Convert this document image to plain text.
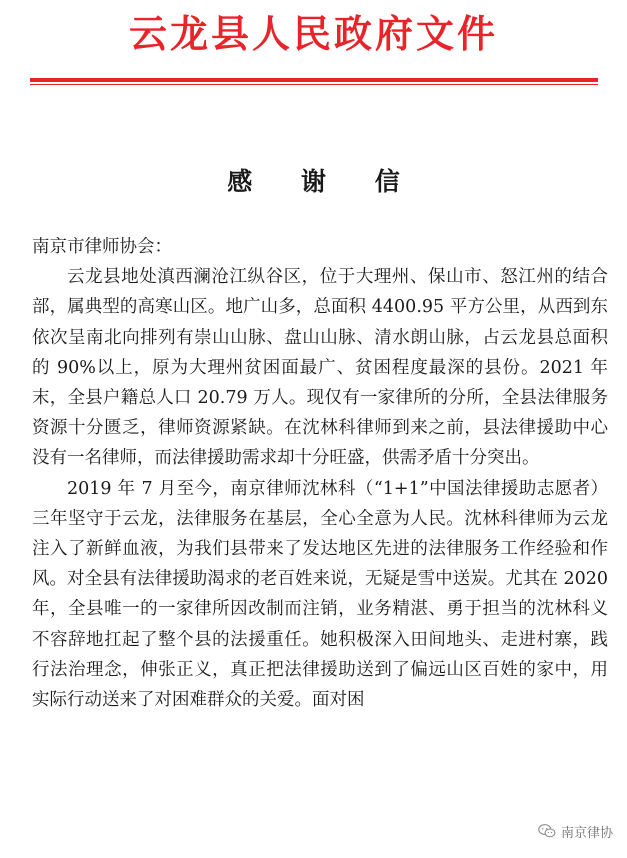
云龙县人民政府文件
感 谢 信

南京市律师协会：

云龙县地处滇西澜沧江纵谷区，位于大理州、保山市、怒江州的结合部，属典型的高寒山区。地广山多，总面积 4400.95 平方公里，从西到东依次呈南北向排列有崇山山脉、盘山山脉、清水朗山脉，占云龙县总面积的 90%以上，原为大理州贫困面最广、贫困程度最深的县份。2021 年末，全县户籍总人口 20.79 万人。现仅有一家律所的分所，全县法律服务资源十分匮乏，律师资源紧缺。在沈林科律师到来之前，县法律援助中心没有一名律师，而法律援助需求却十分旺盛，供需矛盾十分突出。

2019 年 7 月至今，南京律师沈林科（“1+1”中国法律援助志愿者）三年坚守于云龙，法律服务在基层，全心全意为人民。沈林科律师为云龙注入了新鲜血液，为我们县带来了发达地区先进的法律服务工作经验和作风。对全县有法律援助渴求的老百姓来说，无疑是雪中送炭。尤其在 2020 年，全县唯一的一家律所因改制而注销，业务精湛、勇于担当的沈林科义不容辞地扛起了整个县的法援重任。她积极深入田间地头、走进村寨，践行法治理念，伸张正义，真正把法律援助送到了偏远山区百姓的家中，用实际行动送来了对困难群众的关爱。面对困

南京律协
